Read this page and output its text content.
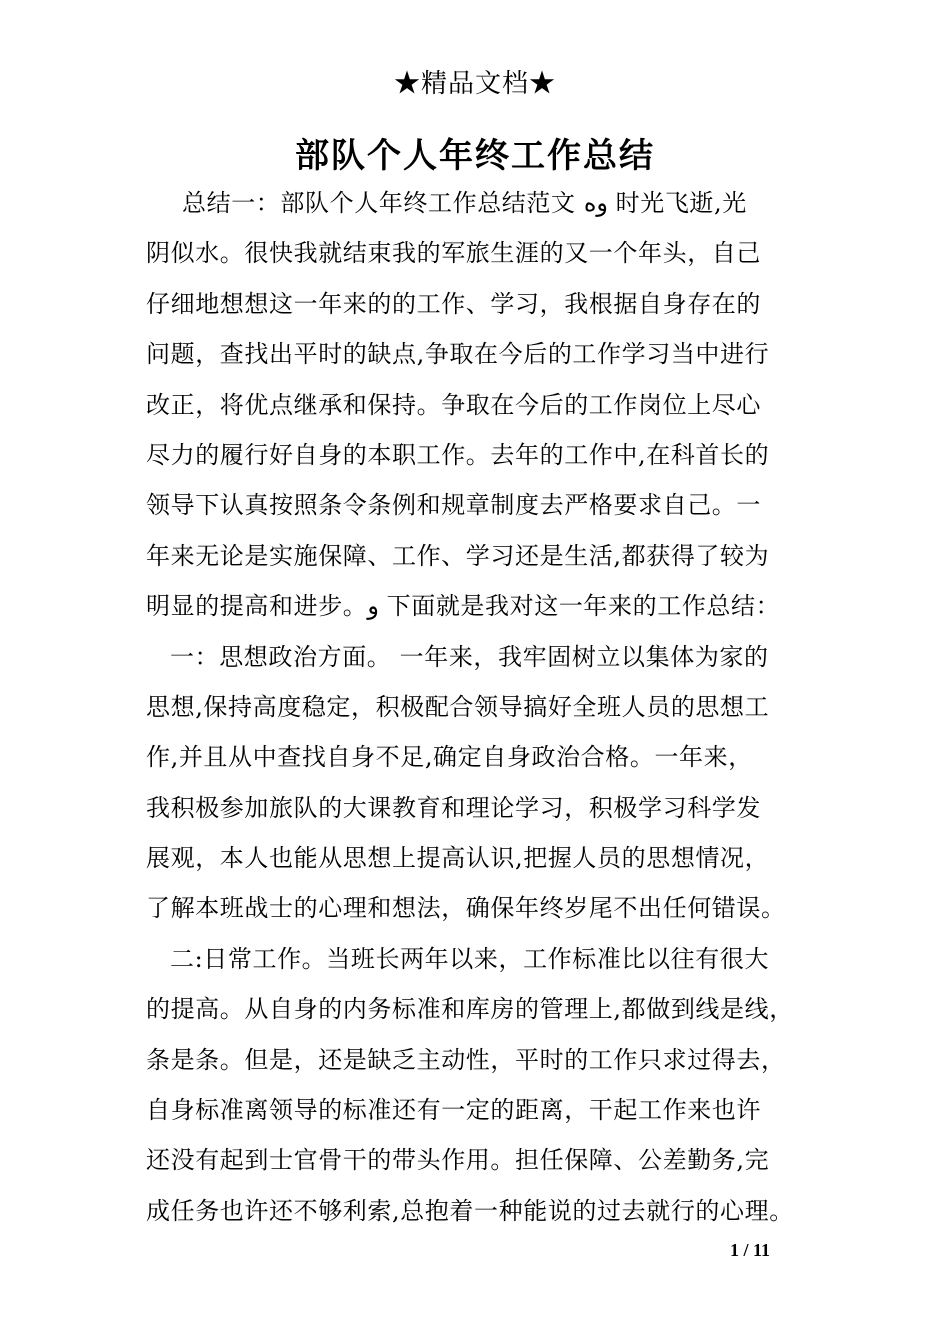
★精品文档★
部队个人年终工作总结
总结一：部队个人年终工作总结范文 وه 时光飞逝,光
阴似水。很快我就结束我的军旅生涯的又一个年头，自己
仔细地想想这一年来的的工作、学习，我根据自身存在的
问题，查找出平时的缺点,争取在今后的工作学习当中进行
改正，将优点继承和保持。争取在今后的工作岗位上尽心
尽力的履行好自身的本职工作。去年的工作中,在科首长的
领导下认真按照条令条例和规章制度去严格要求自己。一
年来无论是实施保障、工作、学习还是生活,都获得了较为
明显的提高和进步。و 下面就是我对这一年来的工作总结：
一：思想政治方面。 一年来，我牢固树立以集体为家的
思想,保持高度稳定，积极配合领导搞好全班人员的思想工
作,并且从中查找自身不足,确定自身政治合格。一年来，
我积极参加旅队的大课教育和理论学习，积极学习科学发
展观，本人也能从思想上提高认识,把握人员的思想情况，
了解本班战士的心理和想法，确保年终岁尾不出任何错误。
二:日常工作。当班长两年以来，工作标准比以往有很大
的提高。从自身的内务标准和库房的管理上,都做到线是线，
条是条。但是，还是缺乏主动性，平时的工作只求过得去，
自身标准离领导的标准还有一定的距离，干起工作来也许
还没有起到士官骨干的带头作用。担任保障、公差勤务,完
成任务也许还不够利索,总抱着一种能说的过去就行的心理。
1 / 11
